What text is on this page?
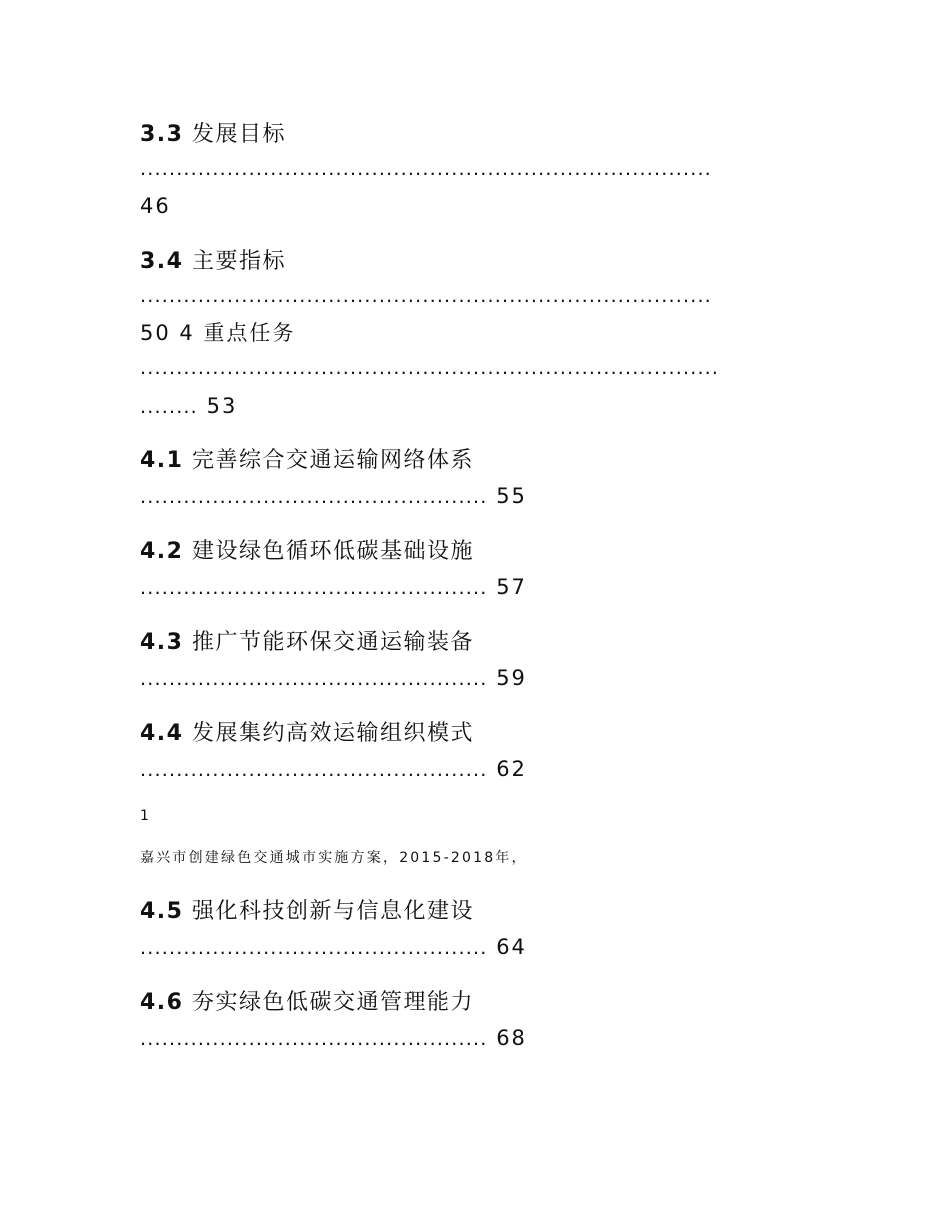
3.3 发展目标
...............................................................................
46
3.4 主要指标
...............................................................................
50 4 重点任务
................................................................................
........ 53
4.1 完善综合交通运输网络体系
................................................ 55
4.2 建设绿色循环低碳基础设施
................................................ 57
4.3 推广节能环保交通运输装备
................................................ 59
4.4 发展集约高效运输组织模式
................................................ 62
1
嘉兴市创建绿色交通城市实施方案，2015-2018年，
4.5 强化科技创新与信息化建设
................................................ 64
4.6 夯实绿色低碳交通管理能力
................................................ 68
